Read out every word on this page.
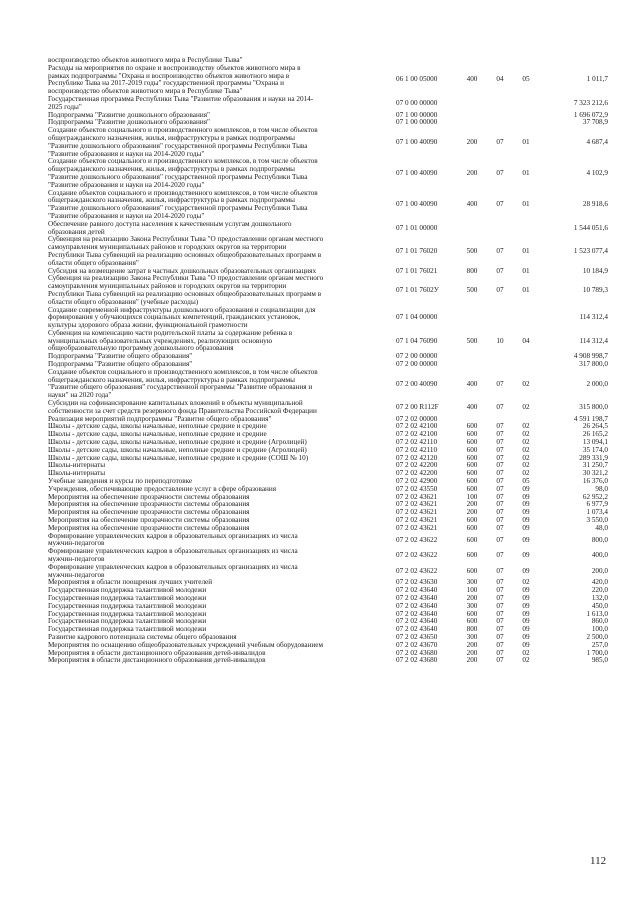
воспроизводство объектов животного мира в Республике Тыва"
Расходы на мероприятия по охране и воспроизводству объектов животного мира в
рамках подпрограммы "Охрана и воспроизводство объектов животного мира в
Республике Тыва на 2017-2019 годы" государственной программы "Охрана и
воспроизводство объектов животного мира в Республике Тыва"
06 1 00 05000	400	04	05	1 011,7
Государственная программа Республики Тыва "Развитие образования и науки на 2014-
2025 годы"	07 0 00 00000	7 323 212,6
Подпрограмма "Развитие дошкольного образования"	07 1 00 00000	1 696 072,9
Подпрограмма "Развитие дошкольного образования"	07 1 00 00000	37 708,9
Создание объектов социального и производственного комплексов, в том числе объектов
общегражданского назначения, жилья, инфраструктуры в рамках подпрограммы
"Развитие дошкольного образования" государственной программы Республики Тыва
"Развитие образования и науки на 2014-2020 годы"
07 1 00 40090	200	07	01	4 687,4
Создание объектов социального и производственного комплексов, в том числе объектов
общегражданского назначения, жилья, инфраструктуры в рамках подпрограммы
"Развитие дошкольного образования" государственной программы Республики Тыва
"Развитие образования и науки на 2014-2020 годы"
07 1 00 40090	200	07	01	4 102,9
Создание объектов социального и производственного комплексов, в том числе объектов
общегражданского назначения, жилья, инфраструктуры в рамках подпрограммы
"Развитие дошкольного образования" государственной программы Республики Тыва
"Развитие образования и науки на 2014-2020 годы"
07 1 00 40090	400	07	01	28 918,6
Обеспечение равного доступа населения к качественным услугам дошкольного
образования детей	07 1 01 00000	1 544 051,6
Субвенция на реализацию Закона Республики Тыва "О предоставлении органам местного
самоуправления муниципальных районов и городских округов на территории
Республики Тыва субвенций на реализацию основных общеобразовательных программ в
области общего образования"
07 1 01 76020	500	07	01	1 523 077,4
Субсидия на возмещение затрат в частных дошкольных образовательных организациях	07 1 01 76021	800	07	01	10 184,9
Субвенция на реализацию Закона Республики Тыва "О предоставлении органам местного
самоуправления муниципальных районов и городских округов на территории
Республики Тыва субвенций на реализацию основных общеобразовательных программ в
области общего образования" (учебные расходы)
07 1 01 7602У	500	07	01	10 789,3
Создание современной инфраструктуры дошкольного образования и социализации для
формирования у обучающихся социальных компетенций, гражданских установок,
культуры здорового образа жизни, функциональной грамотности
07 1 04 00000	114 312,4
Субвенция на компенсацию части родительской платы за содержание ребенка в
муниципальных образовательных учреждениях, реализующих основную
общеобразовательную программу дошкольного образования
07 1 04 76090	500	10	04	114 312,4
Подпрограмма "Развитие общего образования"	07 2 00 00000	4 908 998,7
Подпрограмма "Развитие общего образования"	07 2 00 00000	317 800,0
Создание объектов социального и производственного комплексов, в том числе объектов
общегражданского назначения, жилья, инфраструктуры в рамках подпрограммы
"Развитие общего образования" государственной программы "Развитие образования и
науки" на 2020 года"
07 2 00 40090	400	07	02	2 000,0
Субсидии на софинансирование капитальных вложений в объекты муниципальной
собственности за счет средств резервного фонда Правительства Российской Федерации	07 2 00 R112F	400	07	02	315 800,0
Реализация мероприятий подпрограммы "Развитие общего образования"	07 2 02 00000	4 591 198,7
Школы - детские сады, школы начальные, неполные средние и средние	07 2 02 42100	600	07	02	26 264,5
Школы - детские сады, школы начальные, неполные средние и средние	07 2 02 42100	600	07	02	26 165,2
Школы - детские сады, школы начальные, неполные средние и средние (Агролицей)	07 2 02 42110	600	07	02	13 094,1
Школы - детские сады, школы начальные, неполные средние и средние (Агролицей)	07 2 02 42110	600	07	02	35 174,0
Школы - детские сады, школы начальные, неполные средние и средние (СОШ № 10)	07 2 02 42120	600	07	02	289 331,9
Школы-интернаты	07 2 02 42200	600	07	02	31 250,7
Школы-интернаты	07 2 02 42200	600	07	02	30 321,2
Учебные заведения и курсы по переподготовке	07 2 02 42900	600	07	05	16 376,0
Учреждения, обеспечивающие предоставление услуг в сфере образования	07 2 02 43550	600	07	09	98,0
Мероприятия на обеспечение прозрачности системы образования	07 2 02 43621	100	07	09	62 952,2
Мероприятия на обеспечение прозрачности системы образования	07 2 02 43621	200	07	09	6 977,9
Мероприятия на обеспечение прозрачности системы образования	07 2 02 43621	200	07	09	1 073,4
Мероприятия на обеспечение прозрачности системы образования	07 2 02 43621	600	07	09	3 550,0
Мероприятия на обеспечение прозрачности системы образования	07 2 02 43621	600	07	09	48,0
Формирование управленческих кадров в образовательных организациях из числа
мужчин-педагогов	07 2 02 43622	600	07	09	800,0
Формирование управленческих кадров в образовательных организациях из числа
мужчин-педагогов	07 2 02 43622	600	07	09	400,0
Формирование управленческих кадров в образовательных организациях из числа
мужчин-педагогов	07 2 02 43622	600	07	09	200,0
Мероприятия в области поощрения лучших учителей	07 2 02 43630	300	07	02	420,0
Государственная поддержка талантливой молодежи	07 2 02 43640	100	07	09	220,0
Государственная поддержка талантливой молодежи	07 2 02 43640	200	07	09	132,0
Государственная поддержка талантливой молодежи	07 2 02 43640	300	07	09	450,0
Государственная поддержка талантливой молодежи	07 2 02 43640	600	07	09	1 613,0
Государственная поддержка талантливой молодежи	07 2 02 43640	600	07	09	860,0
Государственная поддержка талантливой молодежи	07 2 02 43640	800	07	09	100,0
Развитие кадрового потенциала системы общего образования	07 2 02 43650	300	07	09	2 500,0
Мероприятия по оснащению общеобразовательных учреждений учебным оборудованием	07 2 02 43670	200	07	09	257,0
Мероприятия в области дистанционного образования детей-инвалидов	07 2 02 43680	200	07	02	1 700,0
Мероприятия в области дистанционного образования детей-инвалидов	07 2 02 43680	200	07	02	985,0
112
